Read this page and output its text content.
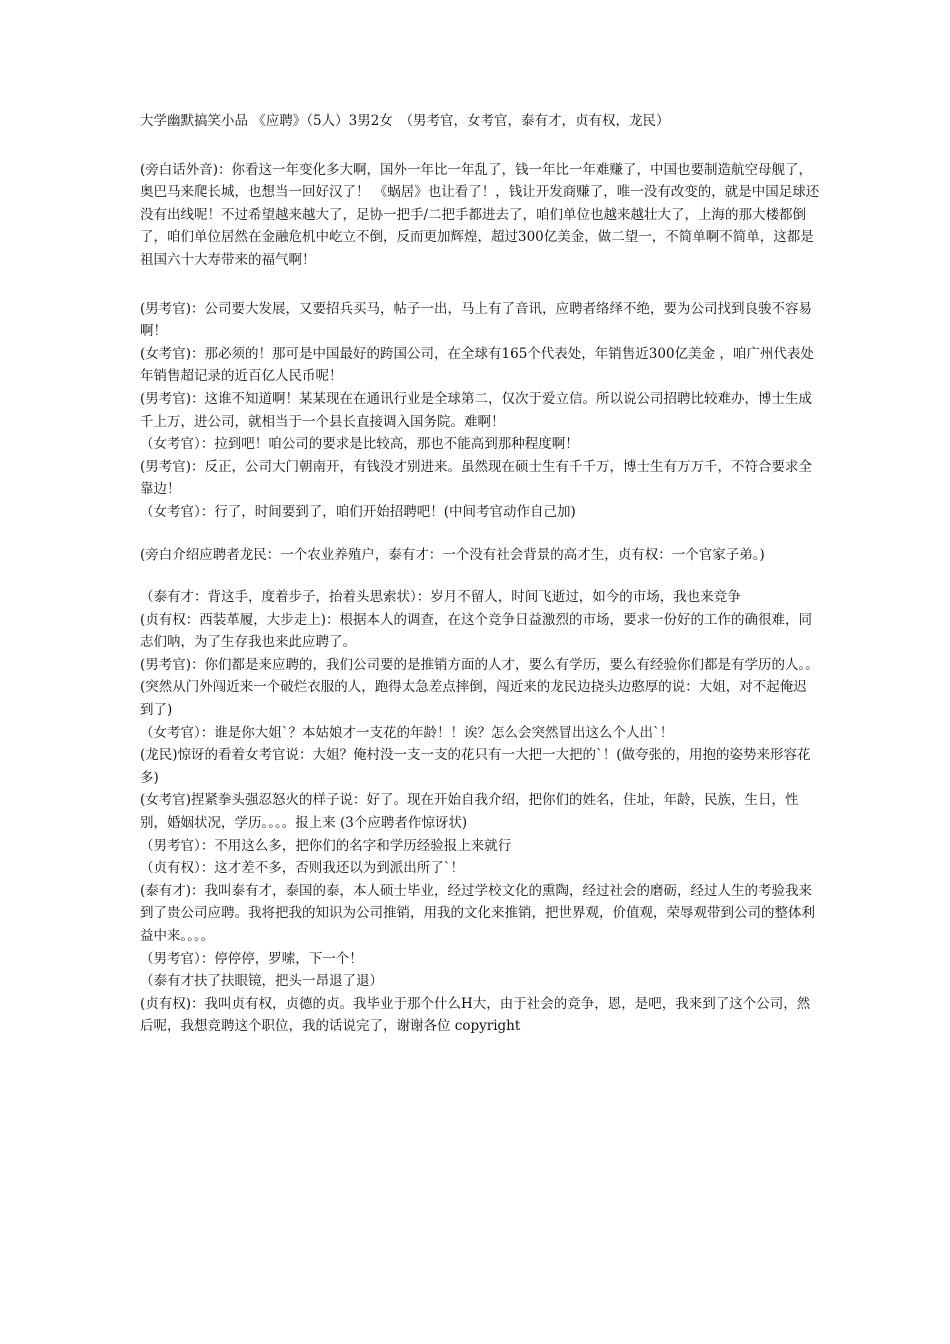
大学幽默搞笑小品 《应聘》（5人）3男2女　（男考官，女考官，泰有才，贞有权，龙民）
(旁白话外音)：你看这一年变化多大啊，国外一年比一年乱了，钱一年比一年难赚了，中国也要制造航空母舰了，奥巴马来爬长城，也想当一回好汉了！ 《蜗居》也让看了！，钱让开发商赚了，唯一没有改变的，就是中国足球还没有出线呢！不过希望越来越大了，足协一把手/二把手都进去了，咱们单位也越来越壮大了，上海的那大楼都倒了，咱们单位居然在金融危机中屹立不倒，反而更加辉煌，超过300亿美金，做二望一，不简单啊不简单，这都是祖国六十大寿带来的福气啊！
(男考官)：公司要大发展，又要招兵买马，帖子一出，马上有了音讯，应聘者络绎不绝，要为公司找到良骏不容易啊！
(女考官)：那必须的！那可是中国最好的跨国公司，在全球有165个代表处，年销售近300亿美金 ，咱广州代表处年销售超记录的近百亿人民币呢！
(男考官)：这谁不知道啊！某某现在在通讯行业是全球第二，仅次于爱立信。所以说公司招聘比较难办，博士生成千上万，进公司，就相当于一个县长直接调入国务院。难啊！
（女考官）：拉到吧！咱公司的要求是比较高，那也不能高到那种程度啊！
(男考官)：反正，公司大门朝南开，有钱没才别进来。虽然现在硕士生有千千万，博士生有万万千，不符合要求全靠边！
（女考官）：行了，时间要到了，咱们开始招聘吧！(中间考官动作自己加)
(旁白介绍应聘者龙民：一个农业养殖户，泰有才：一个没有社会背景的高才生，贞有权：一个官家子弟。)
（泰有才：背这手，度着步子，抬着头思索状）：岁月不留人，时间飞逝过，如今的市场，我也来竞争
(贞有权：西装革履，大步走上)：根据本人的调查，在这个竞争日益激烈的市场，要求一份好的工作的确很难，同志们呐，为了生存我也来此应聘了。
(男考官)：你们都是来应聘的，我们公司要的是推销方面的人才，要么有学历，要么有经验你们都是有学历的人。。
(突然从门外闯近来一个破烂衣服的人，跑得太急差点摔倒，闯近来的龙民边挠头边憨厚的说：大姐，对不起俺迟到了)
（女考官）：谁是你大姐`？本姑娘才一支花的年龄！！诶？怎么会突然冒出这么个人出`！
(龙民)惊讶的看着女考官说：大姐？俺村没一支一支的花只有一大把一大把的`！(做夸张的，用抱的姿势来形容花多)
(女考官)捏紧拳头强忍怒火的样子说：好了。现在开始自我介绍，把你们的姓名，住址，年龄，民族，生日，性别，婚姻状况，学历。。。。报上来 (3个应聘者作惊讶状)
（男考官）：不用这么多，把你们的名字和学历经验报上来就行
（贞有权）：这才差不多，否则我还以为到派出所了`！
(泰有才)：我叫泰有才，泰国的泰，本人硕士毕业，经过学校文化的熏陶，经过社会的磨砺，经过人生的考验我来到了贵公司应聘。我将把我的知识为公司推销，用我的文化来推销，把世界观，价值观，荣辱观带到公司的整体利益中来。。。。
（男考官）：停停停，罗嗦，下一个！
（泰有才扶了扶眼镜，把头一昂退了退）
(贞有权)：我叫贞有权，贞德的贞。我毕业于那个什么H大，由于社会的竞争，恩，是吧，我来到了这个公司，然后呢，我想竞聘这个职位，我的话说完了，谢谢各位 copyright
